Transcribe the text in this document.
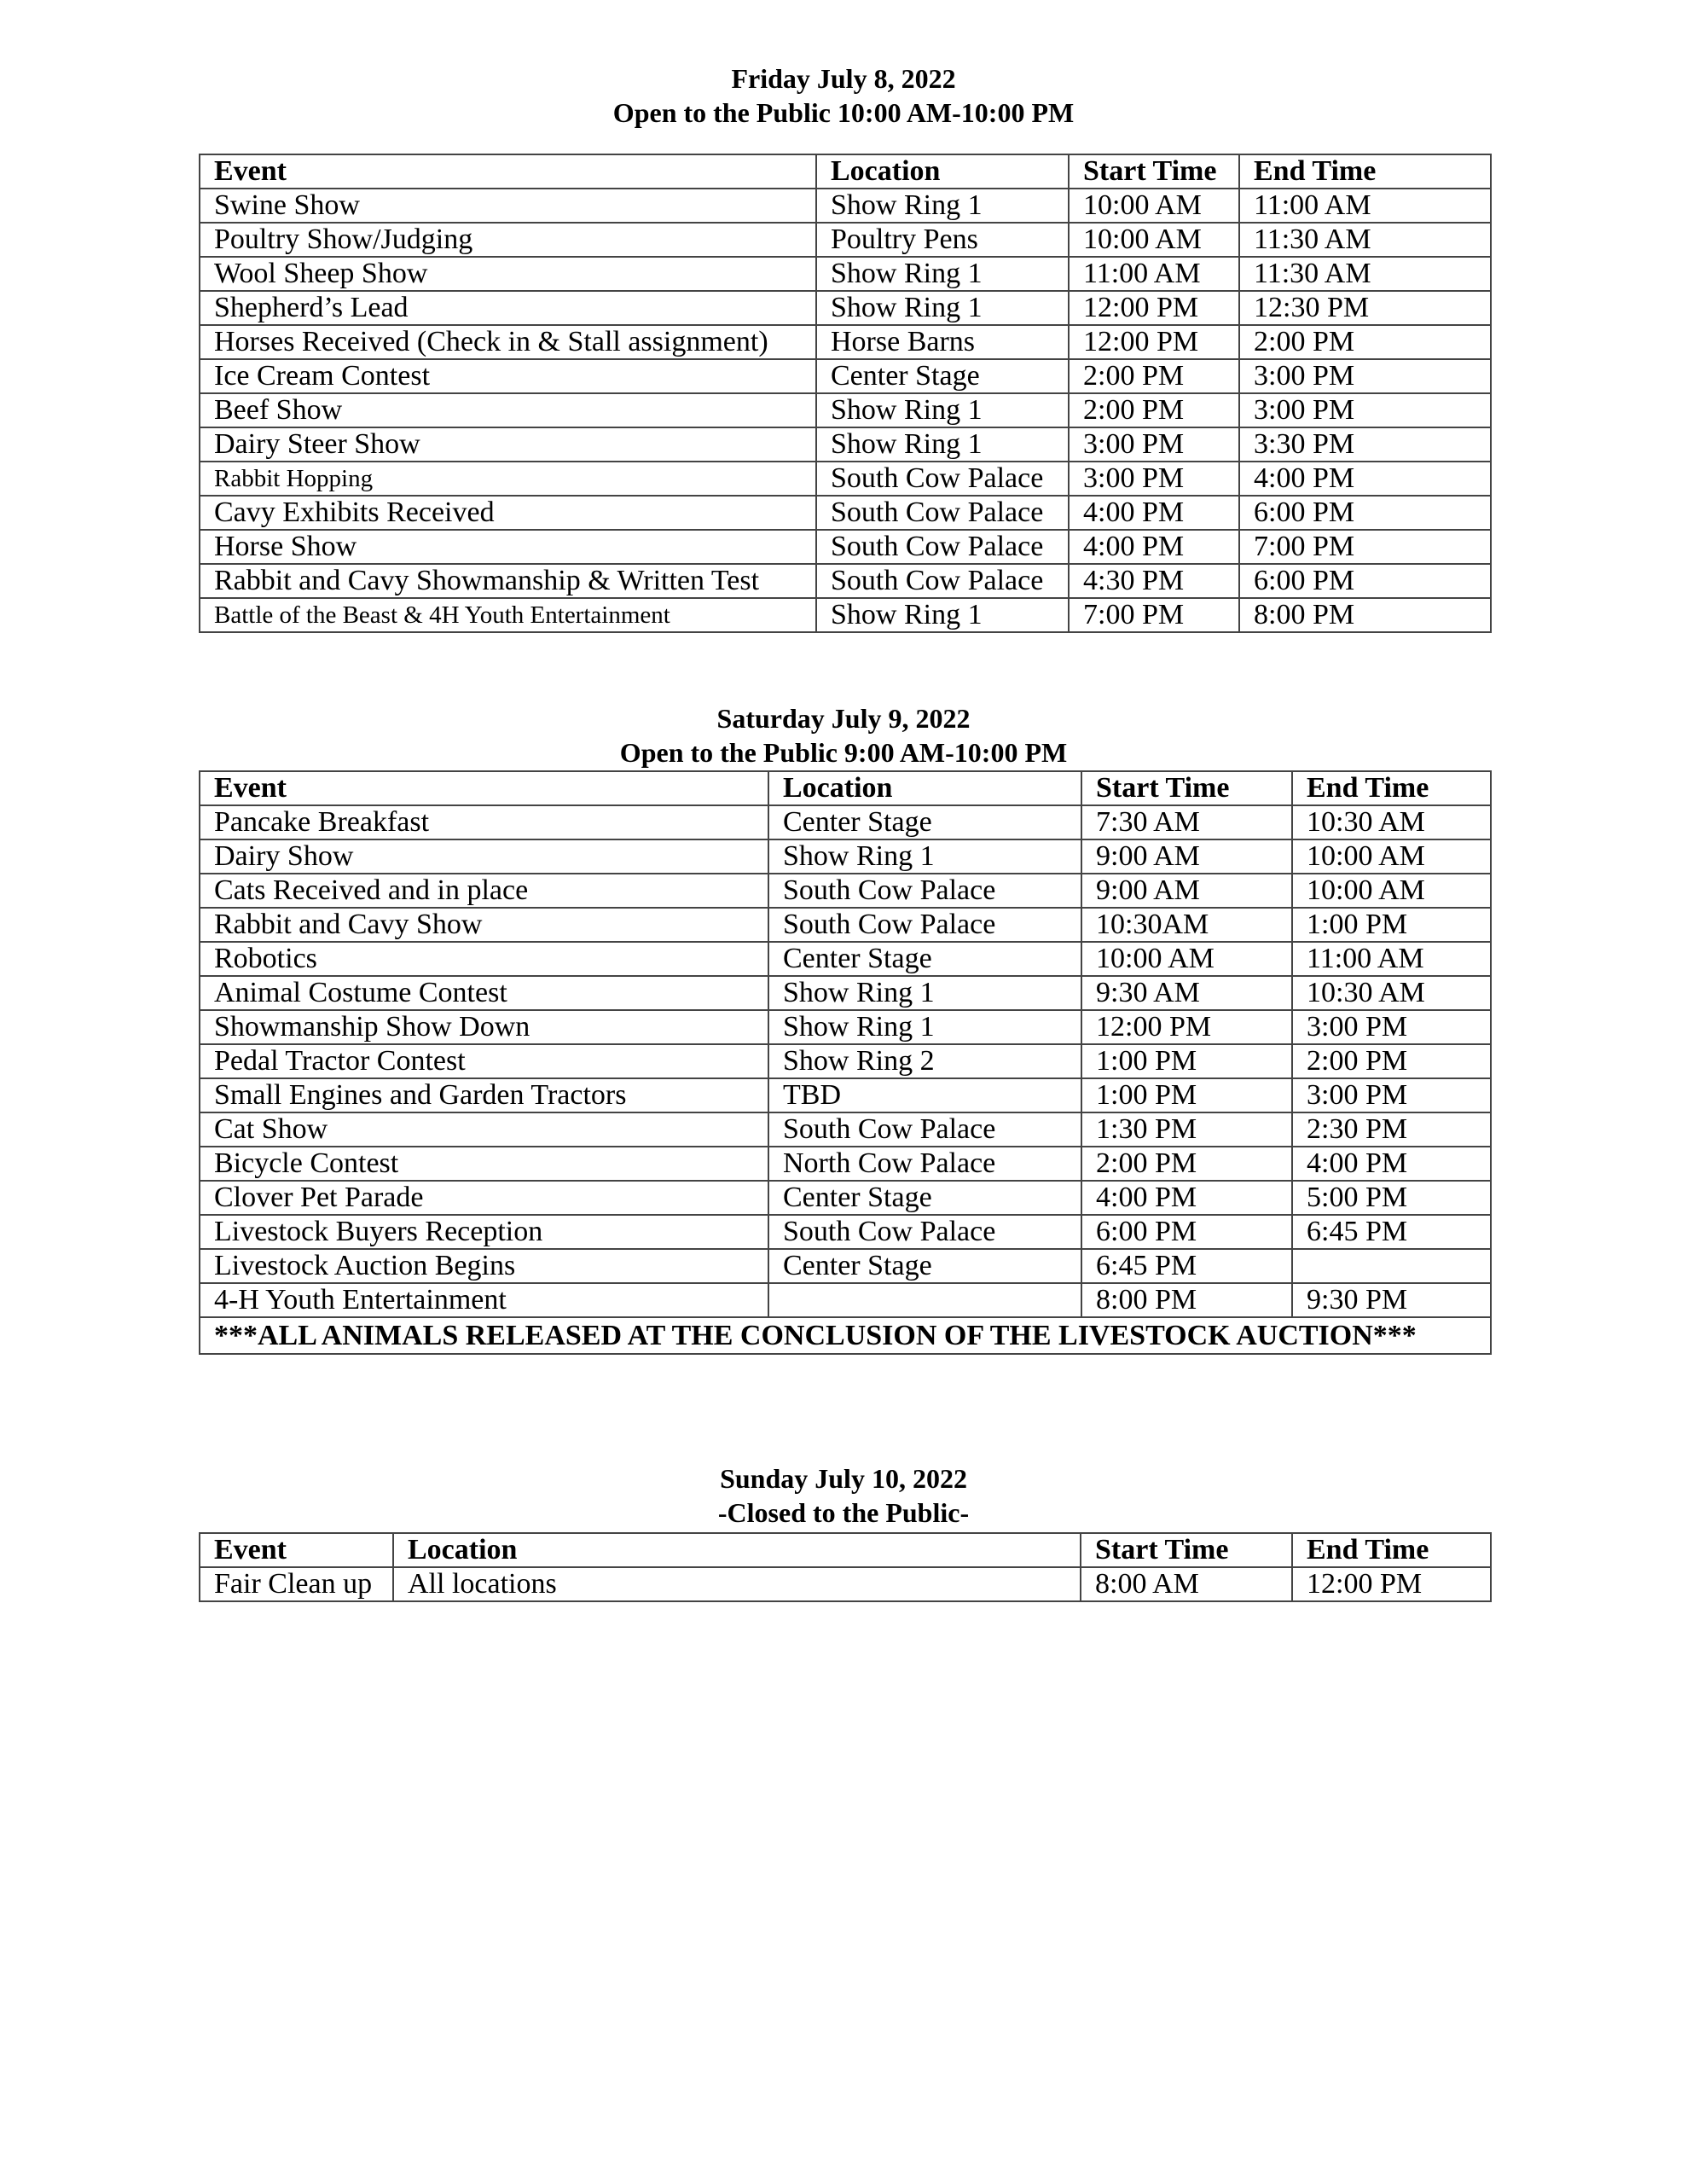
Friday July 8, 2022
Open to the Public 10:00 AM-10:00 PM
Event	Location	Start Time	End Time
Swine Show	Show Ring 1	10:00 AM	11:00 AM
Poultry Show/Judging	Poultry Pens	10:00 AM	11:30 AM
Wool Sheep Show	Show Ring 1	11:00 AM	11:30 AM
Shepherd’s Lead	Show Ring 1	12:00 PM	12:30 PM
Horses Received (Check in & Stall assignment)	Horse Barns	12:00 PM	2:00 PM
Ice Cream Contest	Center Stage	2:00 PM	3:00 PM
Beef Show	Show Ring 1	2:00 PM	3:00 PM
Dairy Steer Show	Show Ring 1	3:00 PM	3:30 PM
Rabbit Hopping	South Cow Palace	3:00 PM	4:00 PM
Cavy Exhibits Received	South Cow Palace	4:00 PM	6:00 PM
Horse Show	South Cow Palace	4:00 PM	7:00 PM
Rabbit and Cavy Showmanship & Written Test	South Cow Palace	4:30 PM	6:00 PM
Battle of the Beast & 4H Youth Entertainment	Show Ring 1	7:00 PM	8:00 PM
Saturday July 9, 2022
Open to the Public 9:00 AM-10:00 PM
Event	Location	Start Time	End Time
Pancake Breakfast	Center Stage	7:30 AM	10:30 AM
Dairy Show	Show Ring 1	9:00 AM	10:00 AM
Cats Received and in place	South Cow Palace	9:00 AM	10:00 AM
Rabbit and Cavy Show	South Cow Palace	10:30AM	1:00 PM
Robotics	Center Stage	10:00 AM	11:00 AM
Animal Costume Contest	Show Ring 1	9:30 AM	10:30 AM
Showmanship Show Down	Show Ring 1	12:00 PM	3:00 PM
Pedal Tractor Contest	Show Ring 2	1:00 PM	2:00 PM
Small Engines and Garden Tractors	TBD	1:00 PM	3:00 PM
Cat Show	South Cow Palace	1:30 PM	2:30 PM
Bicycle Contest	North Cow Palace	2:00 PM	4:00 PM
Clover Pet Parade	Center Stage	4:00 PM	5:00 PM
Livestock Buyers Reception	South Cow Palace	6:00 PM	6:45 PM
Livestock Auction Begins	Center Stage	6:45 PM	
4-H Youth Entertainment		8:00 PM	9:30 PM
***ALL ANIMALS RELEASED AT THE CONCLUSION OF THE LIVESTOCK AUCTION***			
Sunday July 10, 2022
-Closed to the Public-
Event	Location	Start Time	End Time
Fair Clean up	All locations	8:00 AM	12:00 PM
